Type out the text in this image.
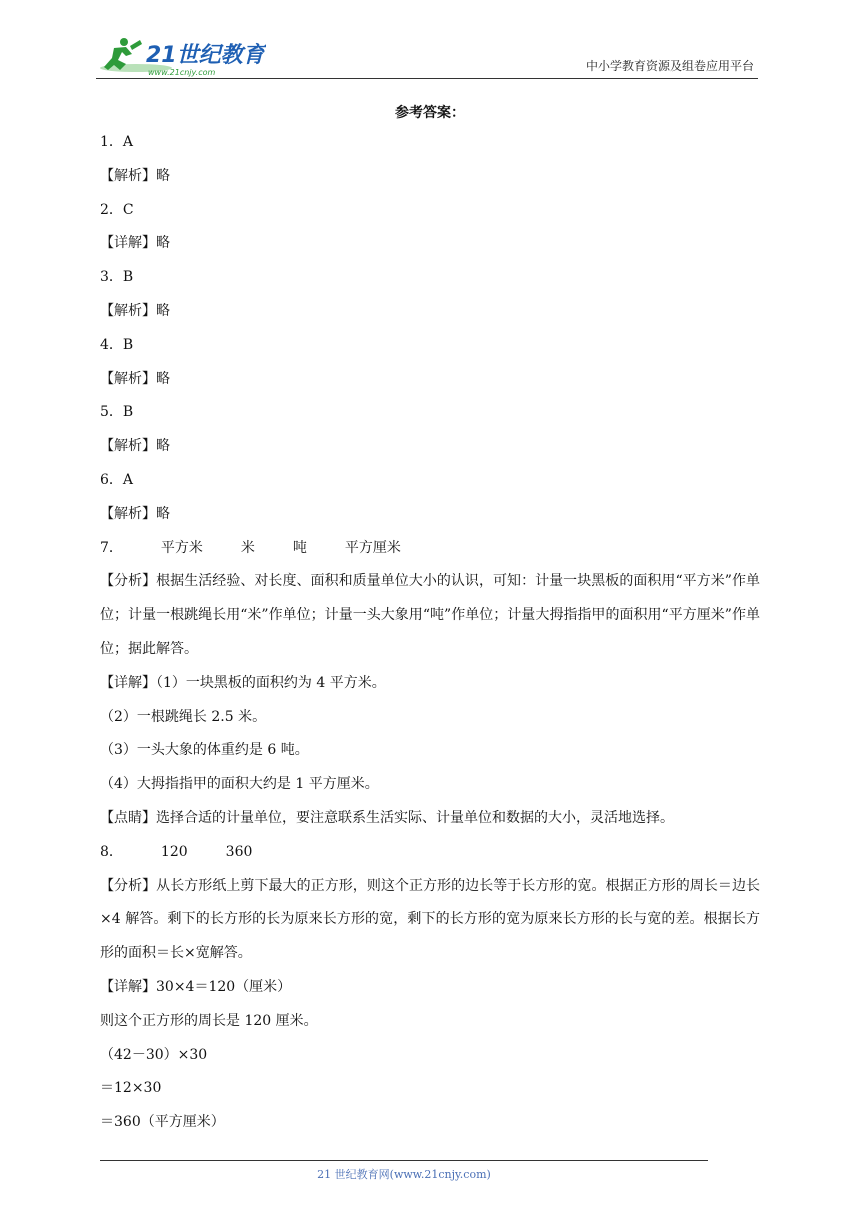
21世纪教育
www.21cnjy.com	中小学教育资源及组卷应用平台
参考答案：
1．A
【解析】略
2．C
【详解】略
3．B
【解析】略
4．B
【解析】略
5．B
【解析】略
6．A
【解析】略
7．	平方米	米	吨	平方厘米
【分析】根据生活经验、对长度、面积和质量单位大小的认识，可知：计量一块黑板的面积用“平方米”作单位；计量一根跳绳长用“米”作单位；计量一头大象用“吨”作单位；计量大拇指指甲的面积用“平方厘米”作单位；据此解答。
【详解】（1）一块黑板的面积约为 4 平方米。
（2）一根跳绳长 2.5 米。
（3）一头大象的体重约是 6 吨。
（4）大拇指指甲的面积大约是 1 平方厘米。
【点睛】选择合适的计量单位，要注意联系生活实际、计量单位和数据的大小，灵活地选择。
8．	120	360
【分析】从长方形纸上剪下最大的正方形，则这个正方形的边长等于长方形的宽。根据正方形的周长＝边长×4 解答。剩下的长方形的长为原来长方形的宽，剩下的长方形的宽为原来长方形的长与宽的差。根据长方形的面积＝长×宽解答。
【详解】30×4＝120（厘米）
则这个正方形的周长是 120 厘米。
（42－30）×30
＝12×30
＝360（平方厘米）
21 世纪教育网(www.21cnjy.com)
